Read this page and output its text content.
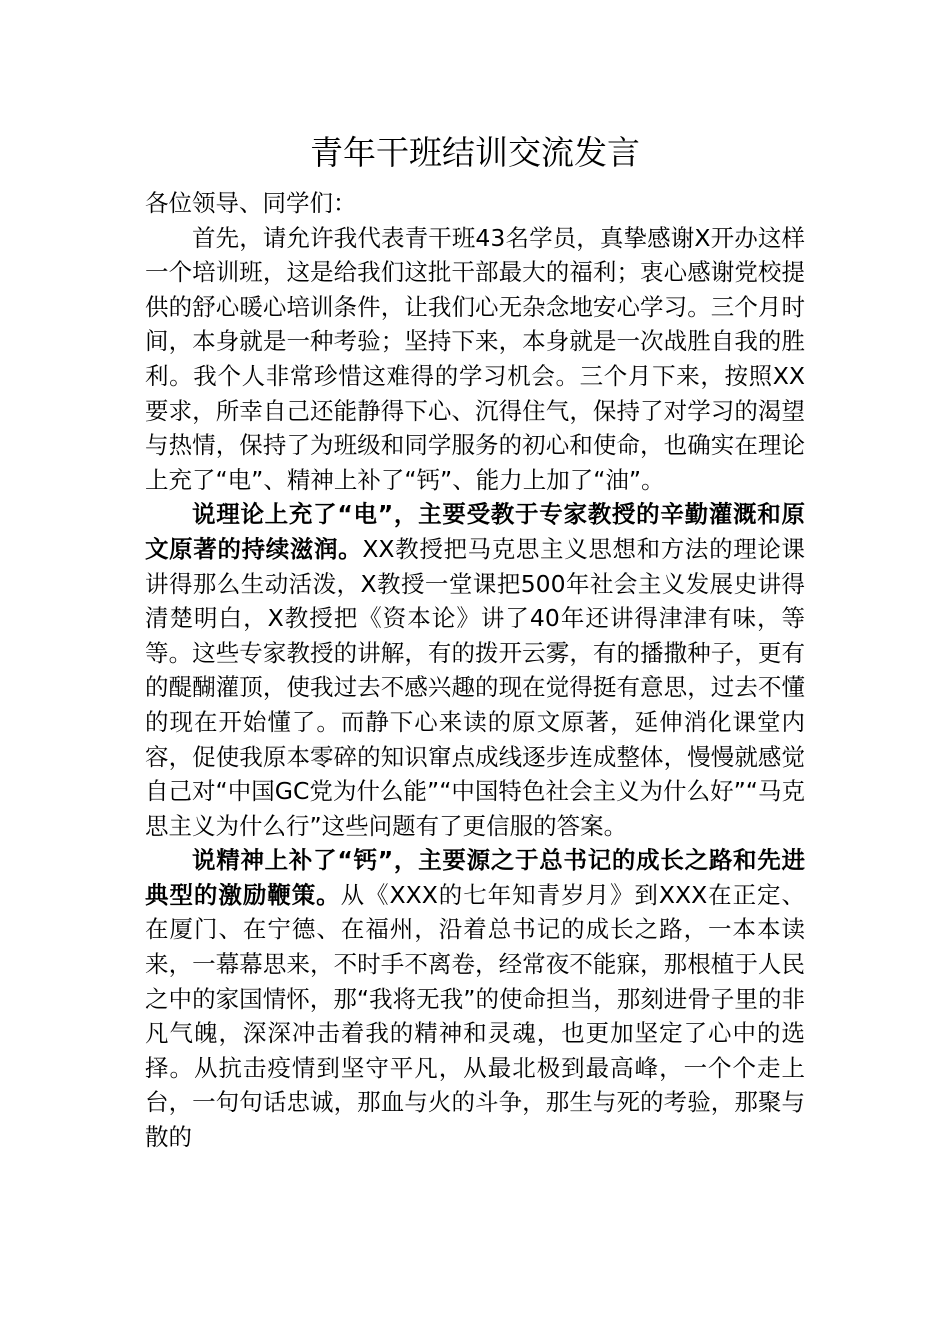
青年干班结训交流发言

各位领导、同学们：

首先，请允许我代表青干班43名学员，真挚感谢X开办这样一个培训班，这是给我们这批干部最大的福利；衷心感谢党校提供的舒心暖心培训条件，让我们心无杂念地安心学习。三个月时间，本身就是一种考验；坚持下来，本身就是一次战胜自我的胜利。我个人非常珍惜这难得的学习机会。三个月下来，按照XX要求，所幸自己还能静得下心、沉得住气，保持了对学习的渴望与热情，保持了为班级和同学服务的初心和使命，也确实在理论上充了“电”、精神上补了“钙”、能力上加了“油”。

说理论上充了“电”，主要受教于专家教授的辛勤灌溉和原文原著的持续滋润。XX教授把马克思主义思想和方法的理论课讲得那么生动活泼，X教授一堂课把500年社会主义发展史讲得清楚明白，X教授把《资本论》讲了40年还讲得津津有味，等等。这些专家教授的讲解，有的拨开云雾，有的播撒种子，更有的醍醐灌顶，使我过去不感兴趣的现在觉得挺有意思，过去不懂的现在开始懂了。而静下心来读的原文原著，延伸消化课堂内容，促使我原本零碎的知识窜点成线逐步连成整体，慢慢就感觉自己对“中国GC党为什么能”“中国特色社会主义为什么好”“马克思主义为什么行”这些问题有了更信服的答案。

说精神上补了“钙”，主要源之于总书记的成长之路和先进典型的激励鞭策。从《XXX的七年知青岁月》到XXX在正定、在厦门、在宁德、在福州，沿着总书记的成长之路，一本本读来，一幕幕思来，不时手不离卷，经常夜不能寐，那根植于人民之中的家国情怀，那“我将无我”的使命担当，那刻进骨子里的非凡气魄，深深冲击着我的精神和灵魂，也更加坚定了心中的选择。从抗击疫情到坚守平凡，从最北极到最高峰，一个个走上台，一句句话忠诚，那血与火的斗争，那生与死的考验，那聚与散的
